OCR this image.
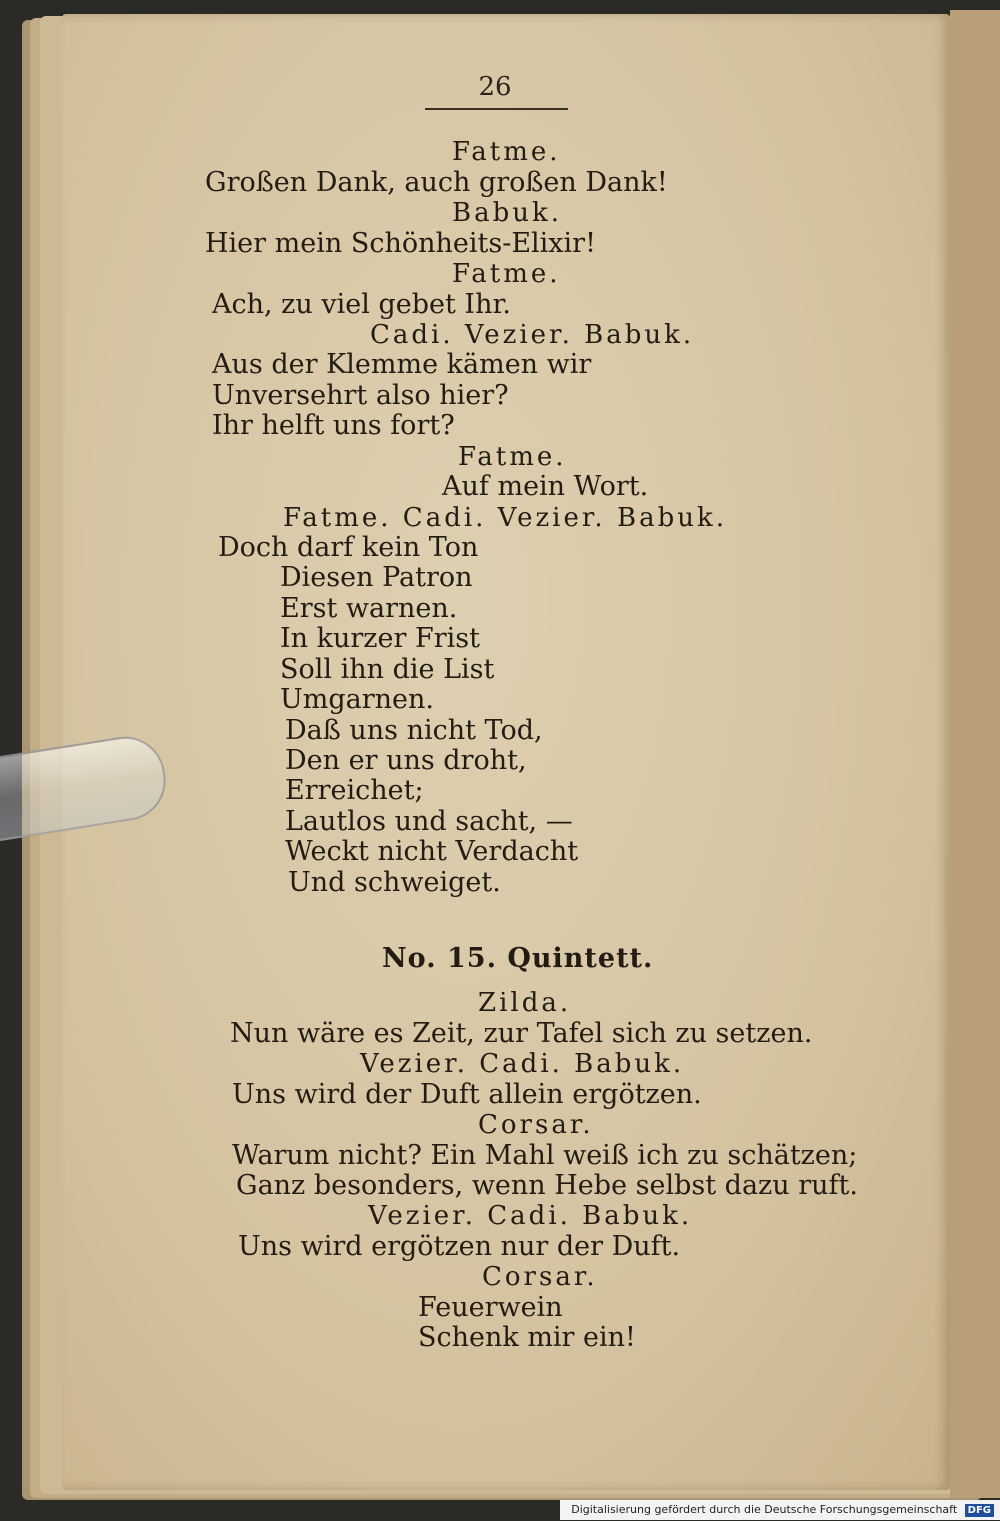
26
Fatme.
Großen Dank, auch großen Dank!
Babuk.
Hier mein Schönheits-Elixir!
Fatme.
Ach, zu viel gebet Ihr.
Cadi. Vezier. Babuk.
Aus der Klemme kämen wir
Unversehrt also hier?
Ihr helft uns fort?
Fatme.
Auf mein Wort.
Fatme. Cadi. Vezier. Babuk.
Doch darf kein Ton
Diesen Patron
Erst warnen.
In kurzer Frist
Soll ihn die List
Umgarnen.
Daß uns nicht Tod,
Den er uns droht,
Erreichet;
Lautlos und sacht, —
Weckt nicht Verdacht
Und schweiget.
No. 15. Quintett.
Zilda.
Nun wäre es Zeit, zur Tafel sich zu setzen.
Vezier. Cadi. Babuk.
Uns wird der Duft allein ergötzen.
Corsar.
Warum nicht? Ein Mahl weiß ich zu schätzen;
Ganz besonders, wenn Hebe selbst dazu ruft.
Vezier. Cadi. Babuk.
Uns wird ergötzen nur der Duft.
Corsar.
Feuerwein
Schenk mir ein!
Digitalisierung gefördert durch die Deutsche Forschungsgemeinschaft DFG
